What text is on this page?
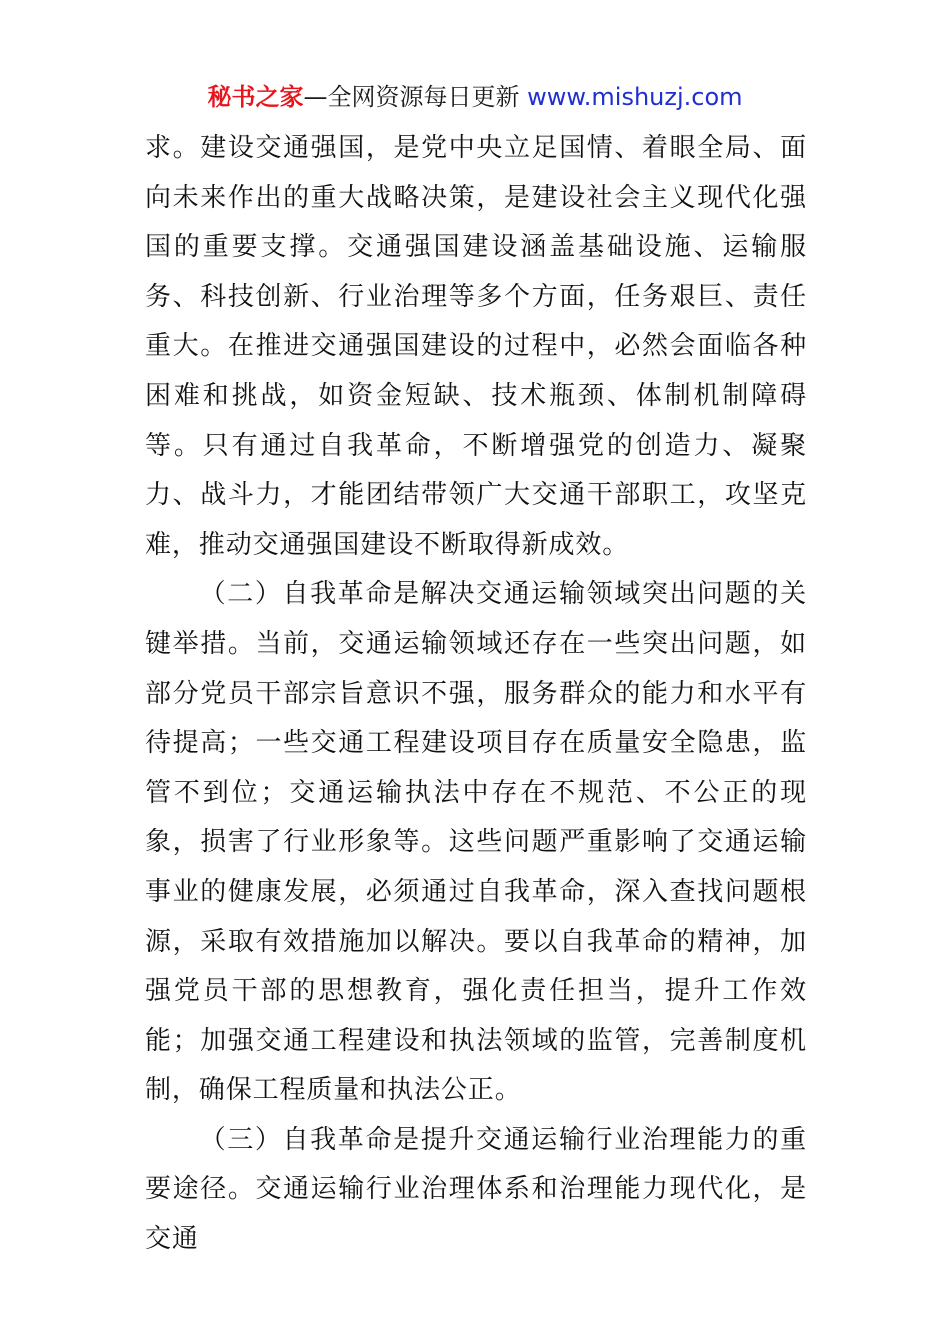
秘书之家—全网资源每日更新 www.mishuzj.com

求。建设交通强国，是党中央立足国情、着眼全局、面向未来作出的重大战略决策，是建设社会主义现代化强国的重要支撑。交通强国建设涵盖基础设施、运输服务、科技创新、行业治理等多个方面，任务艰巨、责任重大。在推进交通强国建设的过程中，必然会面临各种困难和挑战，如资金短缺、技术瓶颈、体制机制障碍等。只有通过自我革命，不断增强党的创造力、凝聚力、战斗力，才能团结带领广大交通干部职工，攻坚克难，推动交通强国建设不断取得新成效。

（二）自我革命是解决交通运输领域突出问题的关键举措。当前，交通运输领域还存在一些突出问题，如部分党员干部宗旨意识不强，服务群众的能力和水平有待提高；一些交通工程建设项目存在质量安全隐患，监管不到位；交通运输执法中存在不规范、不公正的现象，损害了行业形象等。这些问题严重影响了交通运输事业的健康发展，必须通过自我革命，深入查找问题根源，采取有效措施加以解决。要以自我革命的精神，加强党员干部的思想教育，强化责任担当，提升工作效能；加强交通工程建设和执法领域的监管，完善制度机制，确保工程质量和执法公正。

（三）自我革命是提升交通运输行业治理能力的重要途径。交通运输行业治理体系和治理能力现代化，是交通
